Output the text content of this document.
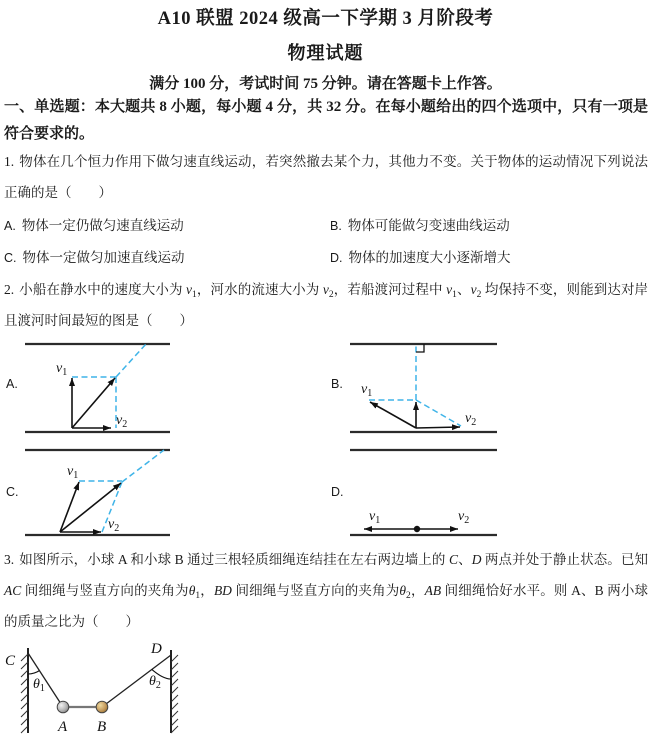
A10 联盟 2024 级高一下学期 3 月阶段考
物理试题
满分 100 分，考试时间 75 分钟。请在答题卡上作答。
一、单选题：本大题共 8 小题，每小题 4 分，共 32 分。在每小题给出的四个选项中，只有一项是符合要求的。

1. 物体在几个恒力作用下做匀速直线运动，若突然撤去某个力，其他力不变。关于物体的运动情况下列说法正确的是（　　）

A. 物体一定仍做匀速直线运动	B. 物体可能做匀变速曲线运动
C. 物体一定做匀加速直线运动	D. 物体的加速度大小逐渐增大

2. 小船在静水中的速度大小为 $v_1$，河水的流速大小为 $v_2$，若船渡河过程中 $v_1$、$v_2$ 均保持不变，则能到达对岸且渡河时间最短的图是（　　）

A.
$v_1$
$v_2$
B. $v_1$
$v_2$
C.
$v_1$
$v_2$
D.
$v_1$	$v_2$

3. 如图所示，小球 A 和小球 B 通过三根轻质细绳连结挂在左右两边墙上的 C、D 两点并处于静止状态。已知 AC 间细绳与竖直方向的夹角为$\theta_1$，BD 间细绳与竖直方向的夹角为$\theta_2$，AB 间细绳恰好水平。则 A、B 两小球的质量之比为（　　）

C
D
$\theta_1$	$\theta_2$
A B
